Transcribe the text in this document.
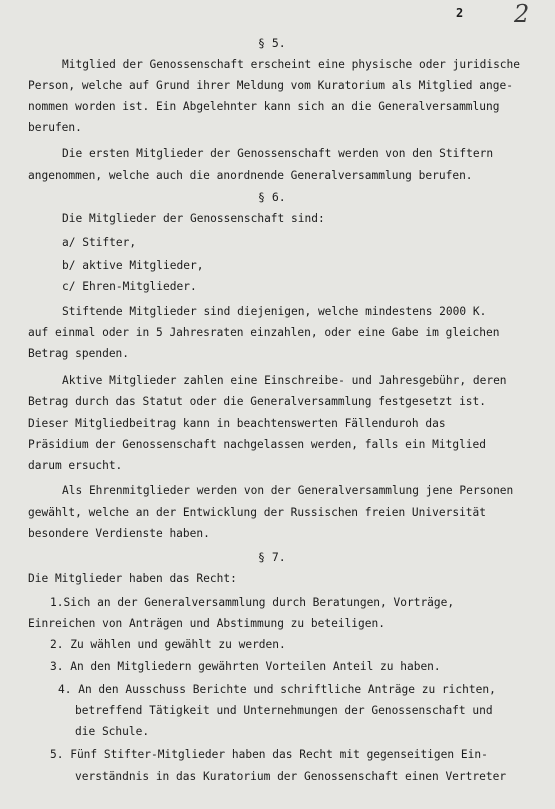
2 2
§ 5.
Mitglied der Genossenschaft erscheint eine physische oder juridische
Person, welche auf Grund ihrer Meldung vom Kuratorium als Mitglied ange-
nommen worden ist. Ein Abgelehnter kann sich an die Generalversammlung
berufen.
Die ersten Mitglieder der Genossenschaft werden von den Stiftern
angenommen, welche auch die anordnende Generalversammlung berufen.
§ 6.
Die Mitglieder der Genossenschaft sind:
a/ Stifter,
b/ aktive Mitglieder,
c/ Ehren-Mitglieder.
Stiftende Mitglieder sind diejenigen, welche mindestens 2000 K.
auf einmal oder in 5 Jahresraten einzahlen, oder eine Gabe im gleichen
Betrag spenden.
Aktive Mitglieder zahlen eine Einschreibe- und Jahresgebühr, deren
Betrag durch das Statut oder die Generalversammlung festgesetzt ist.
Dieser Mitgliedbeitrag kann in beachtenswerten Fällenduroh das
Präsidium der Genossenschaft nachgelassen werden, falls ein Mitglied
darum ersucht.
Als Ehrenmitglieder werden von der Generalversammlung jene Personen
gewählt, welche an der Entwicklung der Russischen freien Universität
besondere Verdienste haben.
§ 7.
Die Mitglieder haben das Recht:
1.Sich an der Generalversammlung durch Beratungen, Vorträge,
Einreichen von Anträgen und Abstimmung zu beteiligen.
2. Zu wählen und gewählt zu werden.
3. An den Mitgliedern gewährten Vorteilen Anteil zu haben.
4. An den Ausschuss Berichte und schriftliche Anträge zu richten,
betreffend Tätigkeit und Unternehmungen der Genossenschaft und
die Schule.
5. Fünf Stifter-Mitglieder haben das Recht mit gegenseitigen Ein-
verständnis in das Kuratorium der Genossenschaft einen Vertreter
